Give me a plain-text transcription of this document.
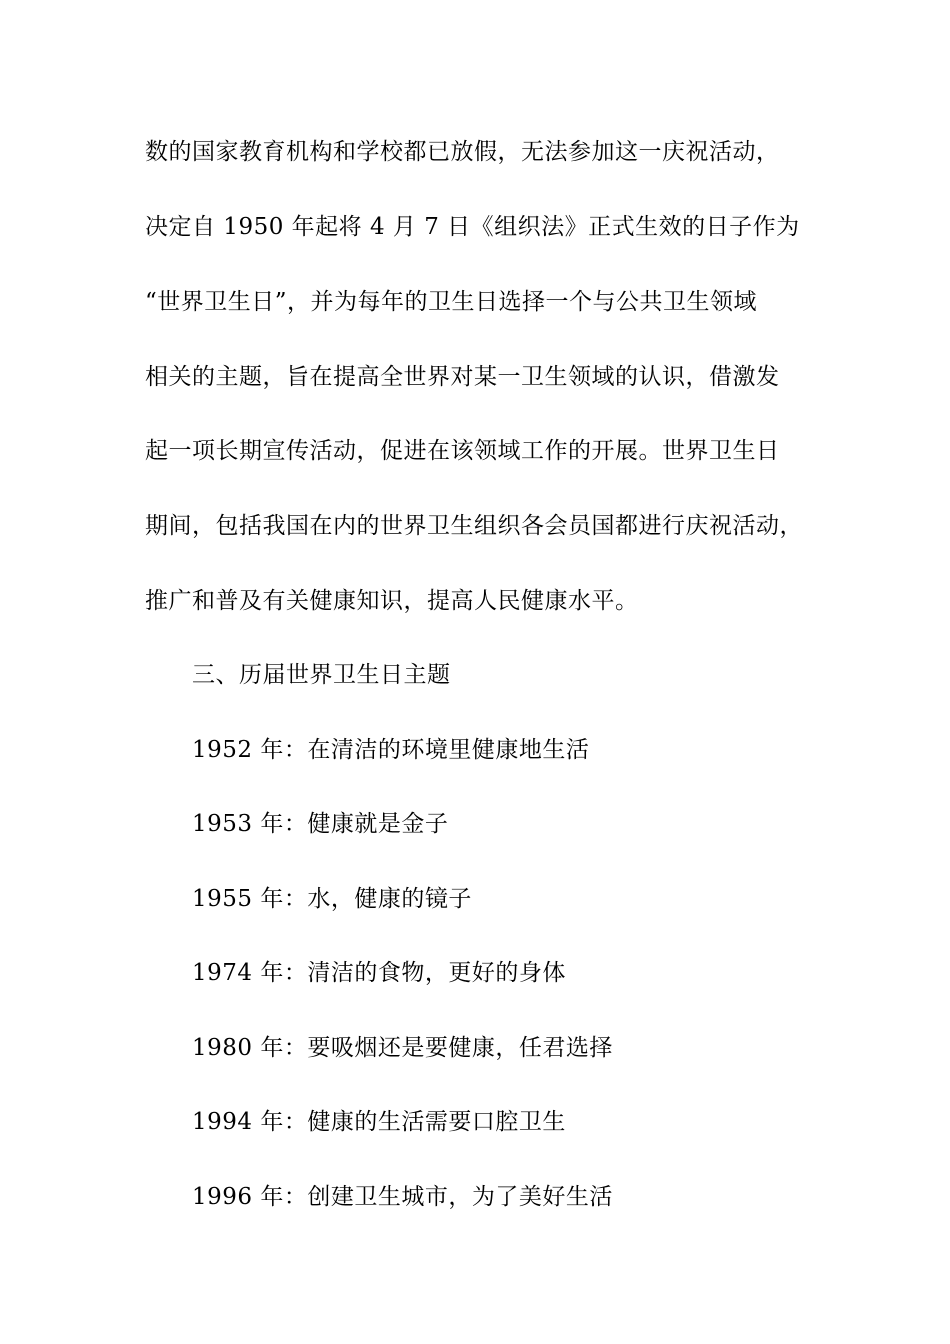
数的国家教育机构和学校都已放假，无法参加这一庆祝活动，
决定自 1950 年起将 4 月 7 日《组织法》正式生效的日子作为
“世界卫生日”，并为每年的卫生日选择一个与公共卫生领域
相关的主题，旨在提高全世界对某一卫生领域的认识，借激发
起一项长期宣传活动，促进在该领域工作的开展。世界卫生日
期间，包括我国在内的世界卫生组织各会员国都进行庆祝活动，
推广和普及有关健康知识，提高人民健康水平。
三、历届世界卫生日主题
1952 年：在清洁的环境里健康地生活
1953 年：健康就是金子
1955 年：水，健康的镜子
1974 年：清洁的食物，更好的身体
1980 年：要吸烟还是要健康，任君选择
1994 年：健康的生活需要口腔卫生
1996 年：创建卫生城市，为了美好生活
